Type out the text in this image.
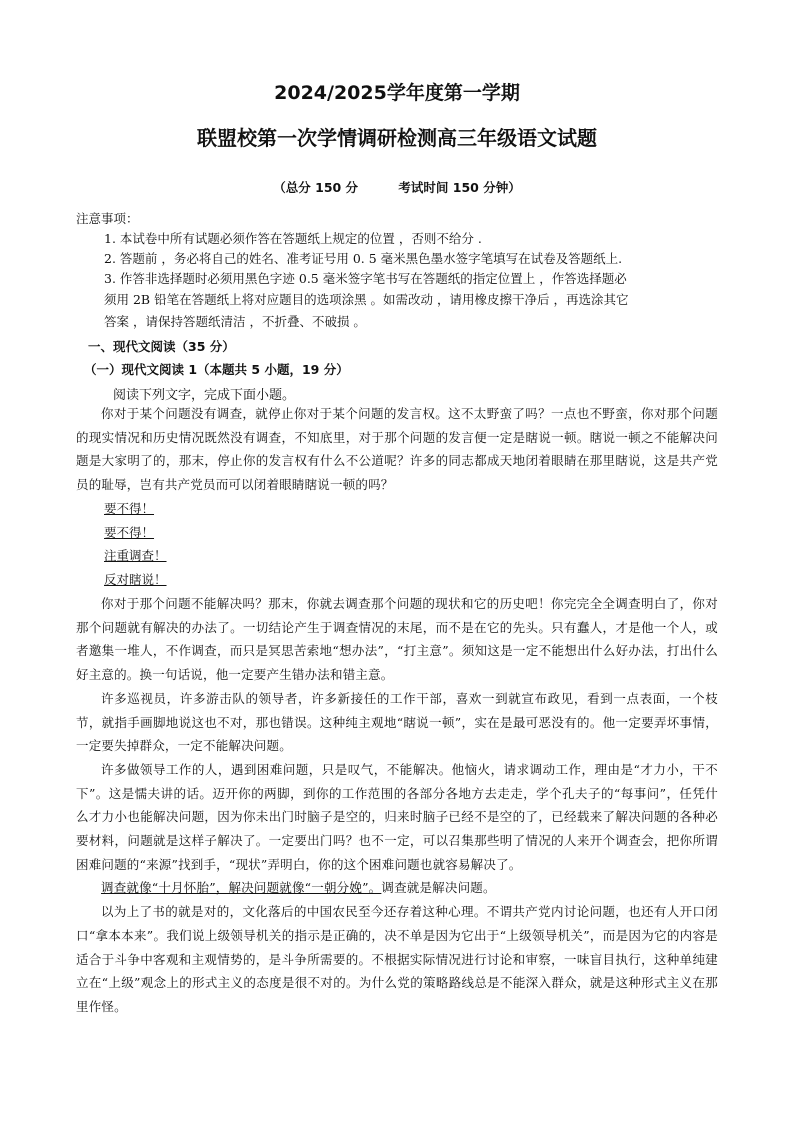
2024/2025学年度第一学期
联盟校第一次学情调研检测高三年级语文试题
（总分 150 分	考试时间 150 分钟）
注意事项：
1. 本试卷中所有试题必须作答在答题纸上规定的位置 ，否则不给分 .
2. 答题前 ，务必将自己的姓名、准考证号用 0. 5 毫米黑色墨水签字笔填写在试卷及答题纸上.
3. 作答非选择题时必须用黑色字迹 0.5 毫米签字笔书写在答题纸的指定位置上 ，作答选择题必
须用 2B 铅笔在答题纸上将对应题目的选项涂黑 。如需改动 ，请用橡皮擦干净后 ，再选涂其它
答案 ，请保持答题纸清洁 ，不折叠、不破损 。
一、现代文阅读（35 分）
（一）现代文阅读 1（本题共 5 小题，19 分）
阅读下列文字，完成下面小题。

你对于某个问题没有调查，就停止你对于某个问题的发言权。这不太野蛮了吗？一点也不野蛮，你对那个问题的现实情况和历史情况既然没有调查，不知底里，对于那个问题的发言便一定是瞎说一顿。瞎说一顿之不能解决问题是大家明了的，那末，停止你的发言权有什么不公道呢？许多的同志都成天地闭着眼睛在那里瞎说，这是共产党员的耻辱，岂有共产党员而可以闭着眼睛瞎说一顿的吗？

要不得！
要不得！
注重调查！
反对瞎说！

你对于那个问题不能解决吗？那末，你就去调查那个问题的现状和它的历史吧！你完完全全调查明白了，你对那个问题就有解决的办法了。一切结论产生于调查情况的末尾，而不是在它的先头。只有蠢人，才是他一个人，或者邀集一堆人，不作调查，而只是冥思苦索地“想办法”，“打主意”。须知这是一定不能想出什么好办法，打出什么好主意的。换一句话说，他一定要产生错办法和错主意。

许多巡视员，许多游击队的领导者，许多新接任的工作干部，喜欢一到就宣布政见，看到一点表面，一个枝节，就指手画脚地说这也不对，那也错误。这种纯主观地“瞎说一顿”，实在是最可恶没有的。他一定要弄坏事情，一定要失掉群众，一定不能解决问题。

许多做领导工作的人，遇到困难问题，只是叹气，不能解决。他恼火，请求调动工作，理由是“才力小，干不下”。这是懦夫讲的话。迈开你的两脚，到你的工作范围的各部分各地方去走走，学个孔夫子的“每事问”，任凭什么才力小也能解决问题，因为你未出门时脑子是空的，归来时脑子已经不是空的了，已经载来了解决问题的各种必要材料，问题就是这样子解决了。一定要出门吗？也不一定，可以召集那些明了情况的人来开个调查会，把你所谓困难问题的“来源”找到手，“现状”弄明白，你的这个困难问题也就容易解决了。

调查就像“十月怀胎”，解决问题就像“一朝分娩”。调查就是解决问题。

以为上了书的就是对的，文化落后的中国农民至今还存着这种心理。不谓共产党内讨论问题，也还有人开口闭口“拿本本来”。我们说上级领导机关的指示是正确的，决不单是因为它出于“上级领导机关”，而是因为它的内容是适合于斗争中客观和主观情势的，是斗争所需要的。不根据实际情况进行讨论和审察，一味盲目执行，这种单纯建立在“上级”观念上的形式主义的态度是很不对的。为什么党的策略路线总是不能深入群众，就是这种形式主义在那里作怪。
